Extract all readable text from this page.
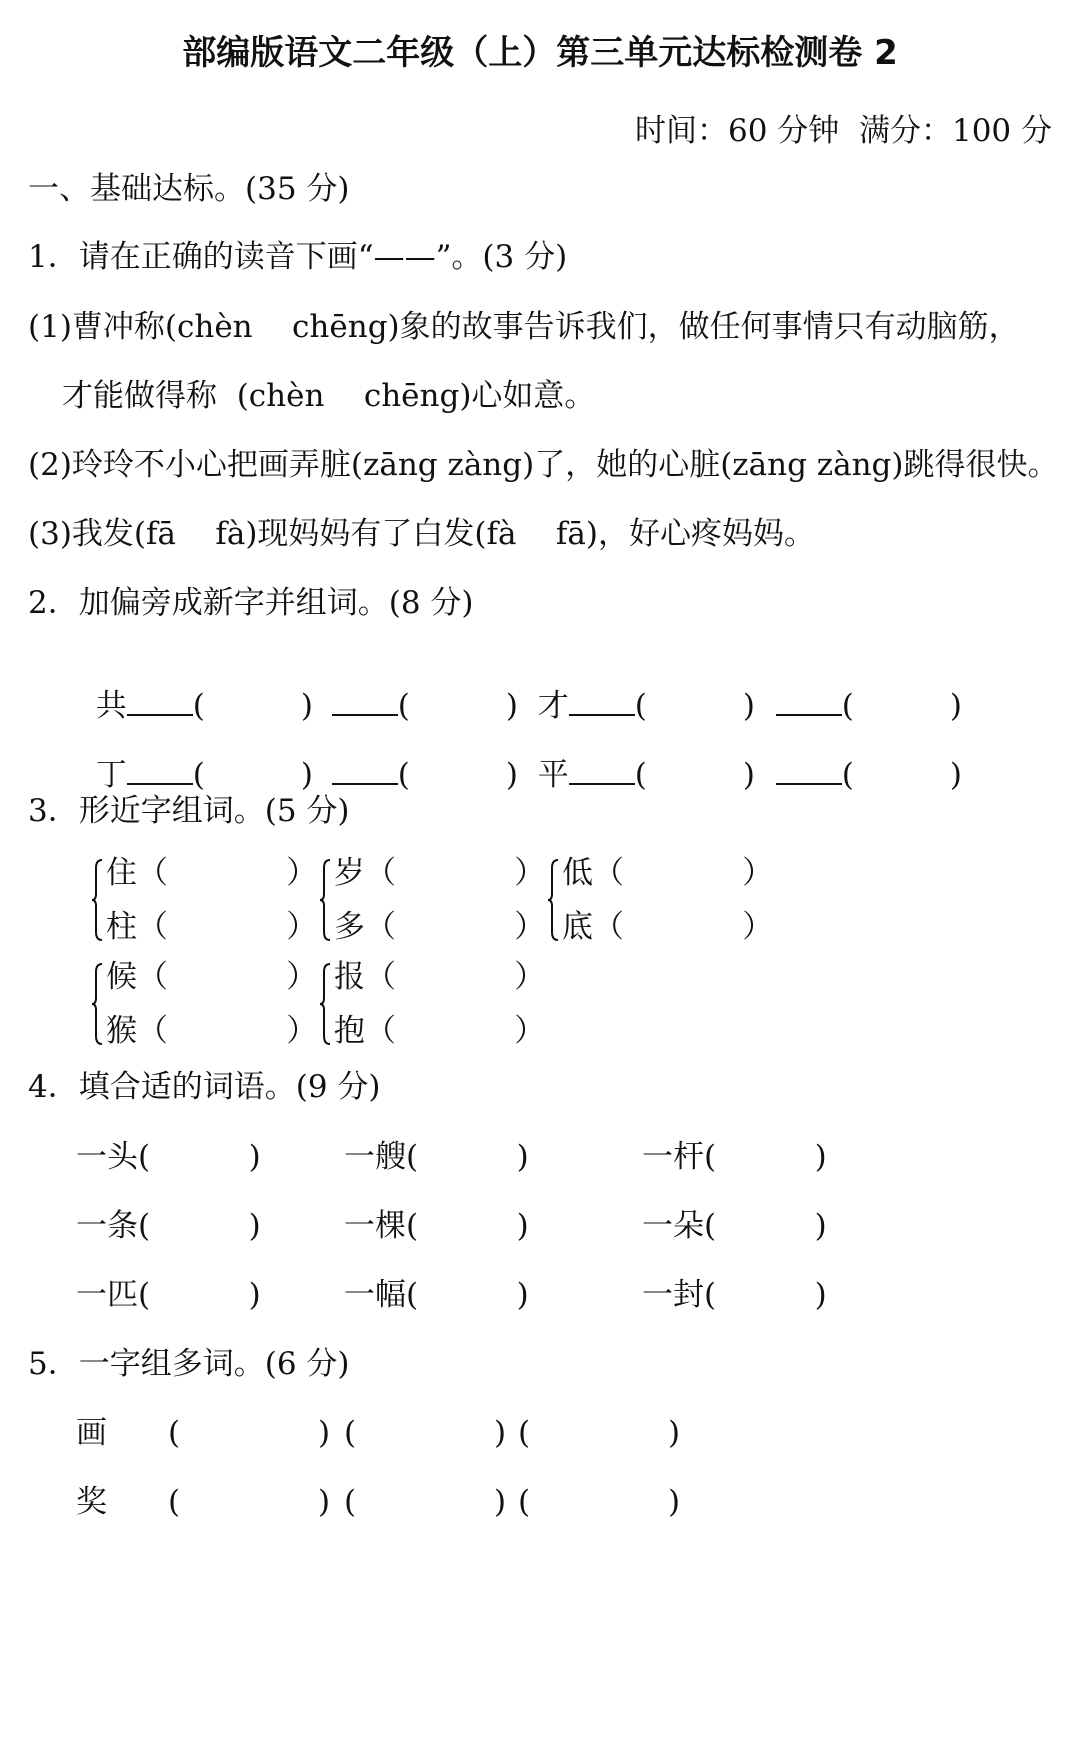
部编版语文二年级（上）第三单元达标检测卷 2
时间：60 分钟  满分：100 分
一、基础达标。(35 分)
1．请在正确的读音下画“——”。(3 分)
(1)曹冲称(chèn    chēng)象的故事告诉我们，做任何事情只有动脑筋，
才能做得称  (chèn    chēng)心如意。
(2)玲玲不小心把画弄脏(zāng zàng)了，她的心脏(zāng zàng)跳得很快。
(3)我发(fā    fà)现妈妈有了白发(fà    fā)，好心疼妈妈。
2．加偏旁成新字并组词。(8 分)

共 (	)	(	) 才 (	)	(	)

丁 (	)	(	) 平 (	)	(	)

3．形近字组词。(5 分)
住（            ）
柱（            ）
岁（            ）
多（            ）
低（            ）
底（            ）
候（            ）
猴（            ）
报（            ）
抱（            ）
4．填合适的词语。(9 分)
一头(          )	一艘(          )	一杆(          )
一条(          )	一棵(          )	一朵(          )
一匹(          )	一幅(          )	一封(          )
5．一字组多词。(6 分)
画 (              ) (              ) (              )
奖 (              ) (              ) (              )
